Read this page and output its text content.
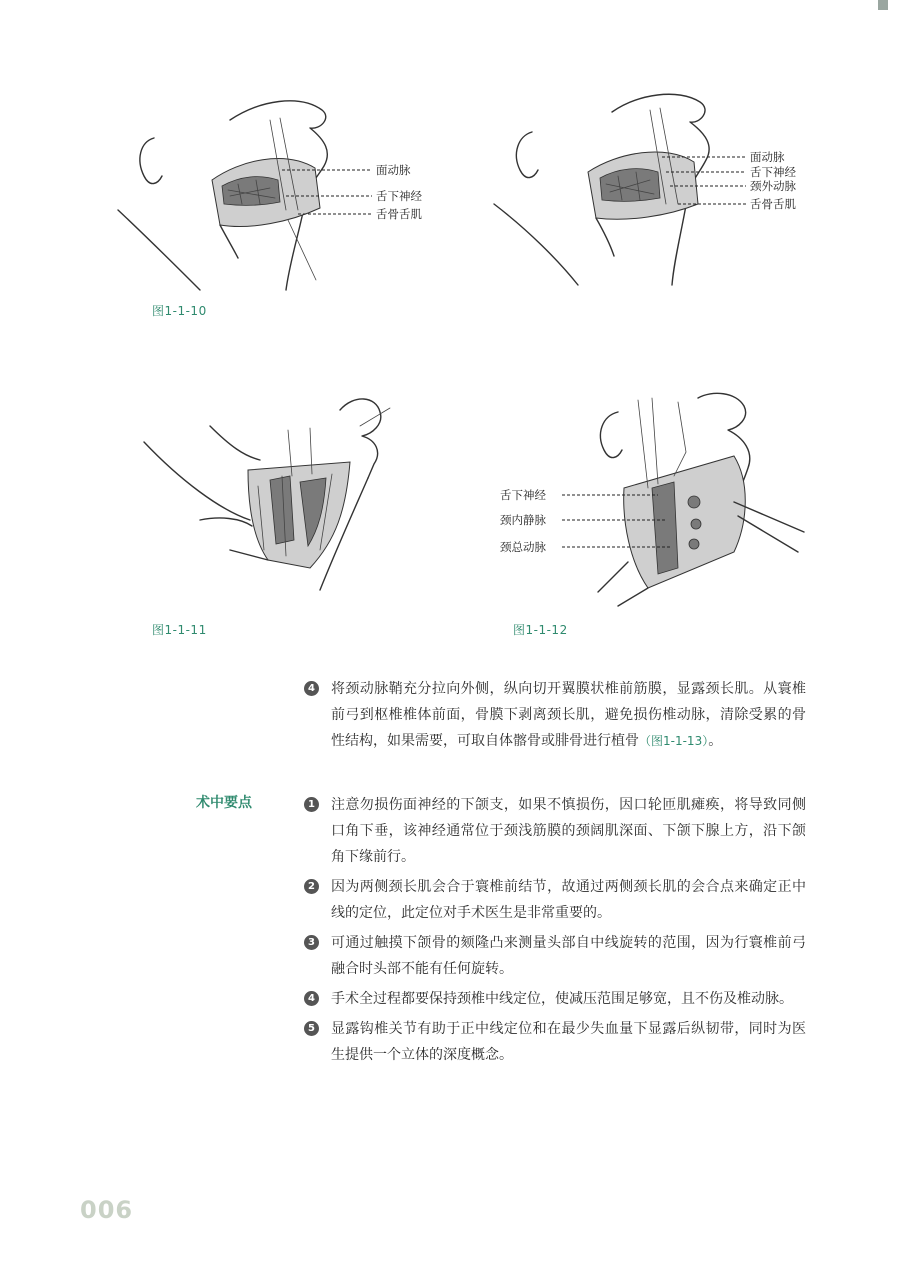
面动脉
舌下神经
舌骨舌肌
图1-1-10
面动脉
舌下神经
颈外动脉
舌骨舌肌
图1-1-11
舌下神经
颈内静脉
颈总动脉
图1-1-12
4 将颈动脉鞘充分拉向外侧，纵向切开翼膜状椎前筋膜，显露颈长肌。从寰椎前弓到枢椎椎体前面，骨膜下剥离颈长肌，避免损伤椎动脉，清除受累的骨性结构，如果需要，可取自体髂骨或腓骨进行植骨（图1-1-13）。
术中要点	1 注意勿损伤面神经的下颌支，如果不慎损伤，因口轮匝肌瘫痪，将导致同侧口角下垂，该神经通常位于颈浅筋膜的颈阔肌深面、下颌下腺上方，沿下颌角下缘前行。
2 因为两侧颈长肌会合于寰椎前结节，故通过两侧颈长肌的会合点来确定正中线的定位，此定位对手术医生是非常重要的。
3 可通过触摸下颌骨的颏隆凸来测量头部自中线旋转的范围，因为行寰椎前弓融合时头部不能有任何旋转。
4 手术全过程都要保持颈椎中线定位，使减压范围足够宽，且不伤及椎动脉。
5 显露钩椎关节有助于正中线定位和在最少失血量下显露后纵韧带，同时为医生提供一个立体的深度概念。
006
